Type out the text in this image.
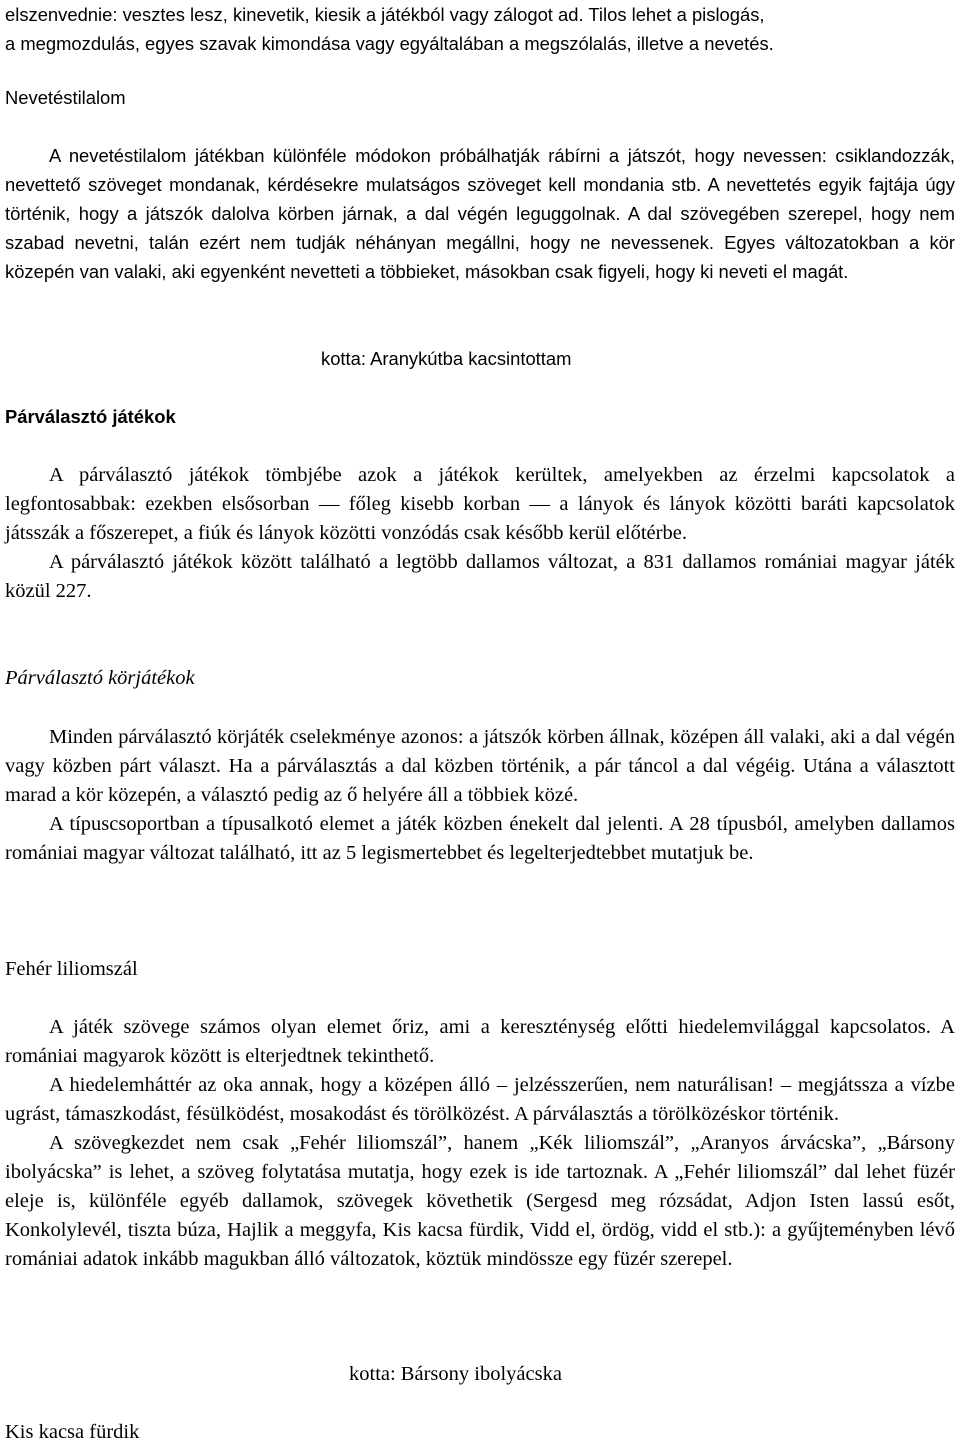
elszenvednie: vesztes lesz, kinevetik, kiesik a játékból vagy zálogot ad. Tilos lehet a pislogás,

a megmozdulás, egyes szavak kimondása vagy egyáltalában a megszólalás, illetve a nevetés.

Nevetéstilalom

A nevetéstilalom játékban különféle módokon próbálhatják rábírni a játszót, hogy nevessen: csiklandozzák, nevettető szöveget mondanak, kérdésekre mulatságos szöveget kell mondania stb. A nevettetés egyik fajtája úgy történik, hogy a játszók dalolva körben járnak, a dal végén leguggolnak. A dal szövegében szerepel, hogy nem szabad nevetni, talán ezért nem tudják néhányan megállni, hogy ne nevessenek. Egyes változatokban a kör közepén van valaki, aki egyenként nevetteti a többieket, másokban csak figyeli, hogy ki neveti el magát.

kotta: Aranykútba kacsintottam
Párválasztó játékok

A párválasztó játékok tömbjébe azok a játékok kerültek, amelyekben az érzelmi kapcsolatok a legfontosabbak: ezekben elsősorban — főleg kisebb korban — a lányok és lányok közötti baráti kapcsolatok játsszák a főszerepet, a fiúk és lányok közötti vonzódás csak később kerül előtérbe.

A párválasztó játékok között található a legtöbb dallamos változat, a 831 dallamos romániai magyar játék közül 227.

Párválasztó körjátékok

Minden párválasztó körjáték cselekménye azonos: a játszók körben állnak, középen áll valaki, aki a dal végén vagy közben párt választ. Ha a párválasztás a dal közben történik, a pár táncol a dal végéig. Utána a választott marad a kör közepén, a választó pedig az ő helyére áll a többiek közé.

A típuscsoportban a típusalkotó elemet a játék közben énekelt dal jelenti. A 28 típusból, amelyben dallamos romániai magyar változat található, itt az 5 legismertebbet és legelterjedtebbet mutatjuk be.

Fehér liliomszál

A játék szövege számos olyan elemet őriz, ami a kereszténység előtti hiedelemvilággal kapcsolatos. A romániai magyarok között is elterjedtnek tekinthető.

A hiedelemháttér az oka annak, hogy a középen álló – jelzésszerűen, nem naturálisan! – megjátssza a vízbe ugrást, támaszkodást, fésülködést, mosakodást és törölközést. A párválasztás a törölközéskor történik.

A szövegkezdet nem csak „Fehér liliomszál”, hanem „Kék liliomszál”, „Aranyos árvácska”, „Bársony ibolyácska” is lehet, a szöveg folytatása mutatja, hogy ezek is ide tartoznak. A „Fehér liliomszál” dal lehet füzér eleje is, különféle egyéb dallamok, szövegek követhetik (Sergesd meg rózsádat, Adjon Isten lassú esőt, Konkolylevél, tiszta búza, Hajlik a meggyfa, Kis kacsa fürdik, Vidd el, ördög, vidd el stb.): a gyűjteményben lévő romániai adatok inkább magukban álló változatok, köztük mindössze egy füzér szerepel.

kotta: Bársony ibolyácska
Kis kacsa fürdik
